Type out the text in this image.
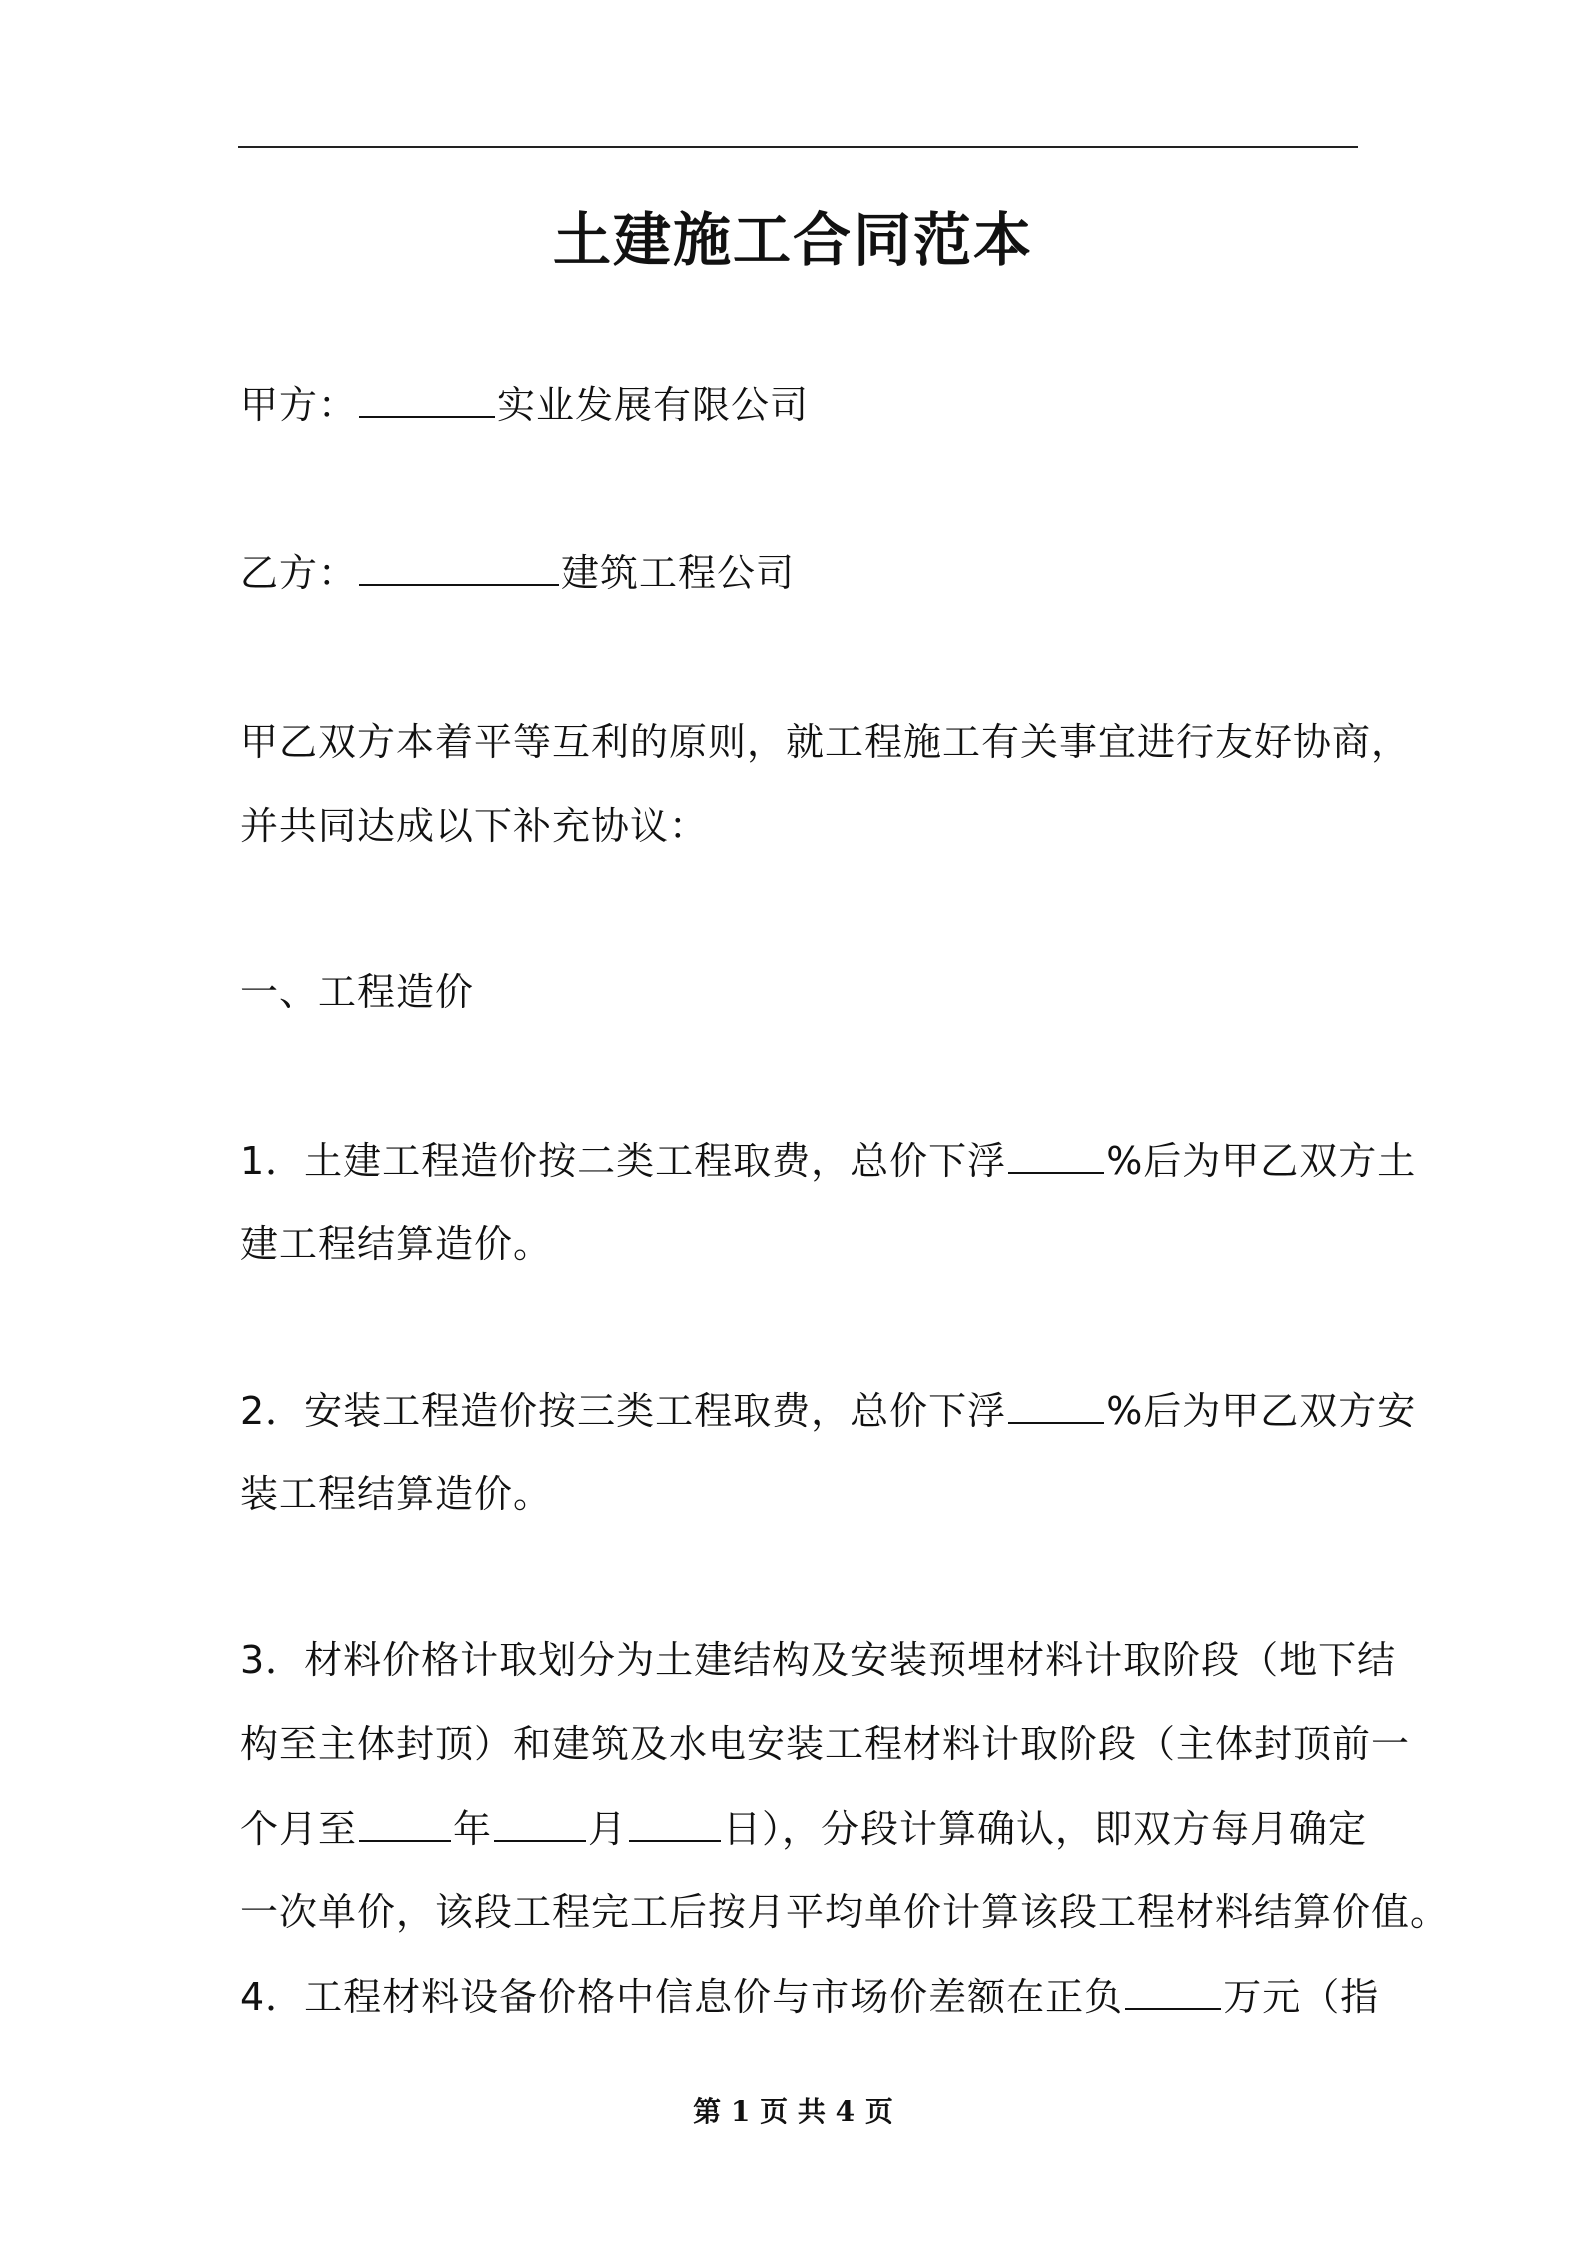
土建施工合同范本
甲方：	实业发展有限公司
乙方：	建筑工程公司
甲乙双方本着平等互利的原则，就工程施工有关事宜进行友好协商，
并共同达成以下补充协议：
一、工程造价
1．土建工程造价按二类工程取费，总价下浮	%后为甲乙双方土
建工程结算造价。
2．安装工程造价按三类工程取费，总价下浮	%后为甲乙双方安
装工程结算造价。
3．材料价格计取划分为土建结构及安装预埋材料计取阶段（地下结
构至主体封顶）和建筑及水电安装工程材料计取阶段（主体封顶前一
个月至	年	月	日），分段计算确认，即双方每月确定
一次单价，该段工程完工后按月平均单价计算该段工程材料结算价值。
4．工程材料设备价格中信息价与市场价差额在正负	万元（指
第 1 页 共 4 页
